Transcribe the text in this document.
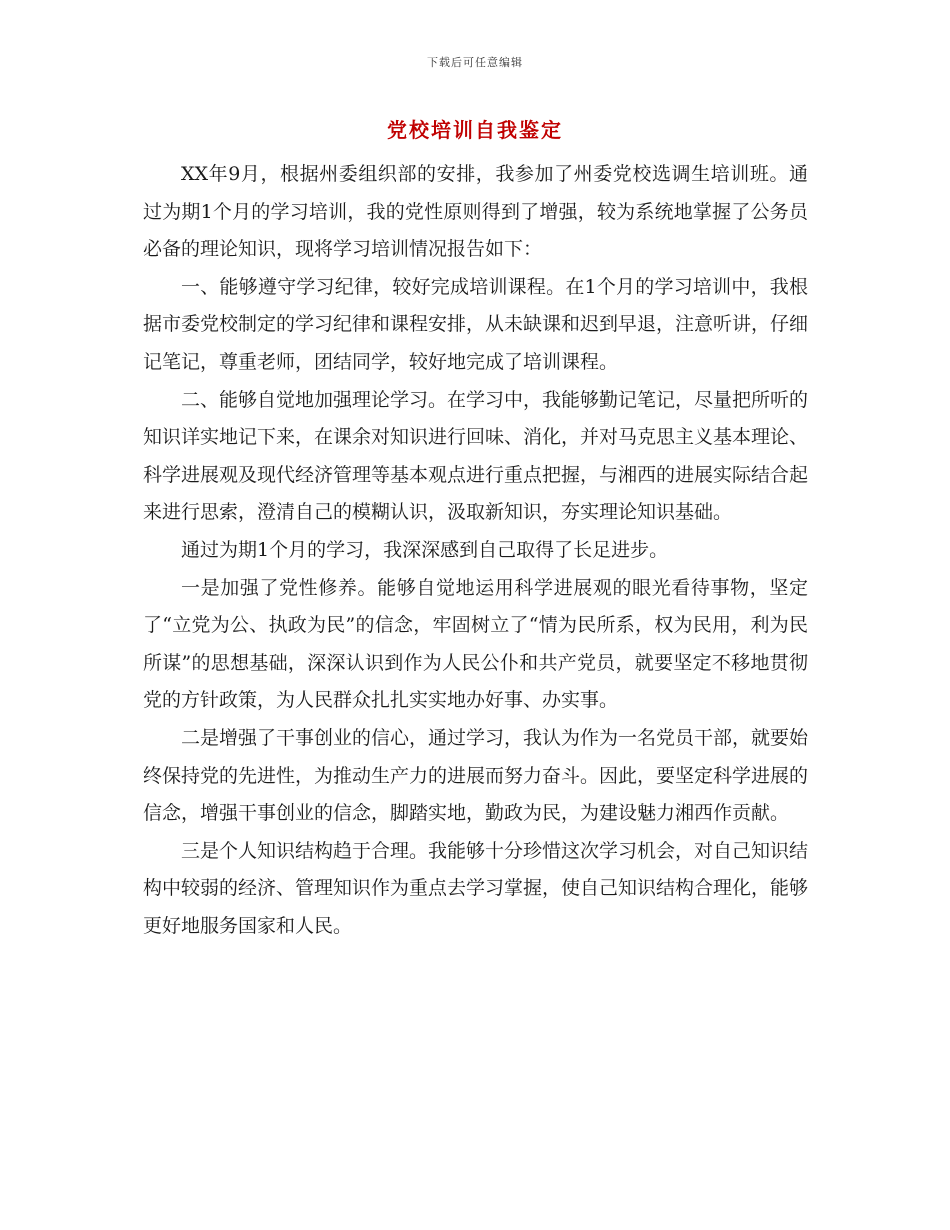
下载后可任意编辑
党校培训自我鉴定

XX年9月，根据州委组织部的安排，我参加了州委党校选调生培训班。通过为期1个月的学习培训，我的党性原则得到了增强，较为系统地掌握了公务员必备的理论知识，现将学习培训情况报告如下：

一、能够遵守学习纪律，较好完成培训课程。在1个月的学习培训中，我根据市委党校制定的学习纪律和课程安排，从未缺课和迟到早退，注意听讲，仔细记笔记，尊重老师，团结同学，较好地完成了培训课程。

二、能够自觉地加强理论学习。在学习中，我能够勤记笔记，尽量把所听的知识详实地记下来，在课余对知识进行回味、消化，并对马克思主义基本理论、科学进展观及现代经济管理等基本观点进行重点把握，与湘西的进展实际结合起来进行思索，澄清自己的模糊认识，汲取新知识，夯实理论知识基础。

通过为期1个月的学习，我深深感到自己取得了长足进步。

一是加强了党性修养。能够自觉地运用科学进展观的眼光看待事物，坚定了“立党为公、执政为民”的信念，牢固树立了“情为民所系，权为民用，利为民所谋”的思想基础，深深认识到作为人民公仆和共产党员，就要坚定不移地贯彻党的方针政策，为人民群众扎扎实实地办好事、办实事。

二是增强了干事创业的信心，通过学习，我认为作为一名党员干部，就要始终保持党的先进性，为推动生产力的进展而努力奋斗。因此，要坚定科学进展的信念，增强干事创业的信念，脚踏实地，勤政为民，为建设魅力湘西作贡献。

三是个人知识结构趋于合理。我能够十分珍惜这次学习机会，对自己知识结构中较弱的经济、管理知识作为重点去学习掌握，使自己知识结构合理化，能够更好地服务国家和人民。
